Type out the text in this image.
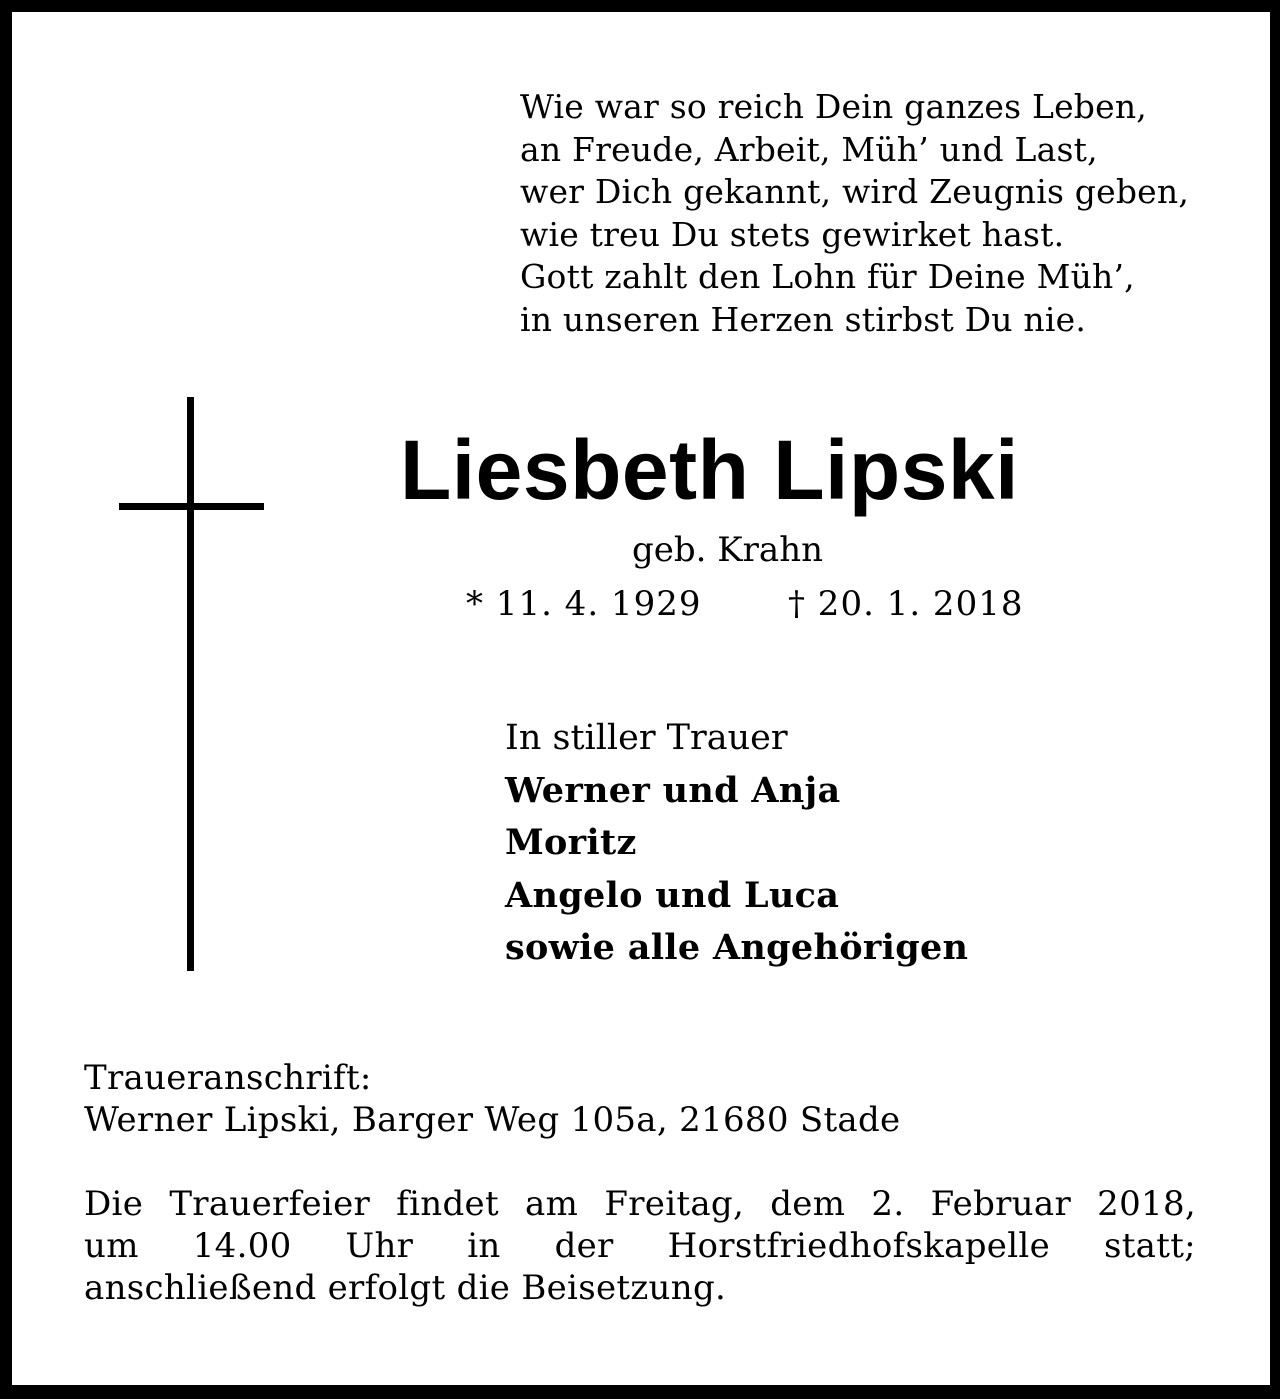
Wie war so reich Dein ganzes Leben,
an Freude, Arbeit, Müh’ und Last,
wer Dich gekannt, wird Zeugnis geben,
wie treu Du stets gewirket hast.
Gott zahlt den Lohn für Deine Müh’,
in unseren Herzen stirbst Du nie.
Liesbeth Lipski
geb. Krahn
* 11. 4. 1929	† 20. 1. 2018
In stiller Trauer
Werner und Anja
Moritz
Angelo und Luca
sowie alle Angehörigen
Traueranschrift:
Werner Lipski, Barger Weg 105a, 21680 Stade
Die Trauerfeier findet am Freitag, dem 2. Februar 2018,
um 14.00 Uhr in der Horstfriedhofskapelle statt;
anschließend erfolgt die Beisetzung.
